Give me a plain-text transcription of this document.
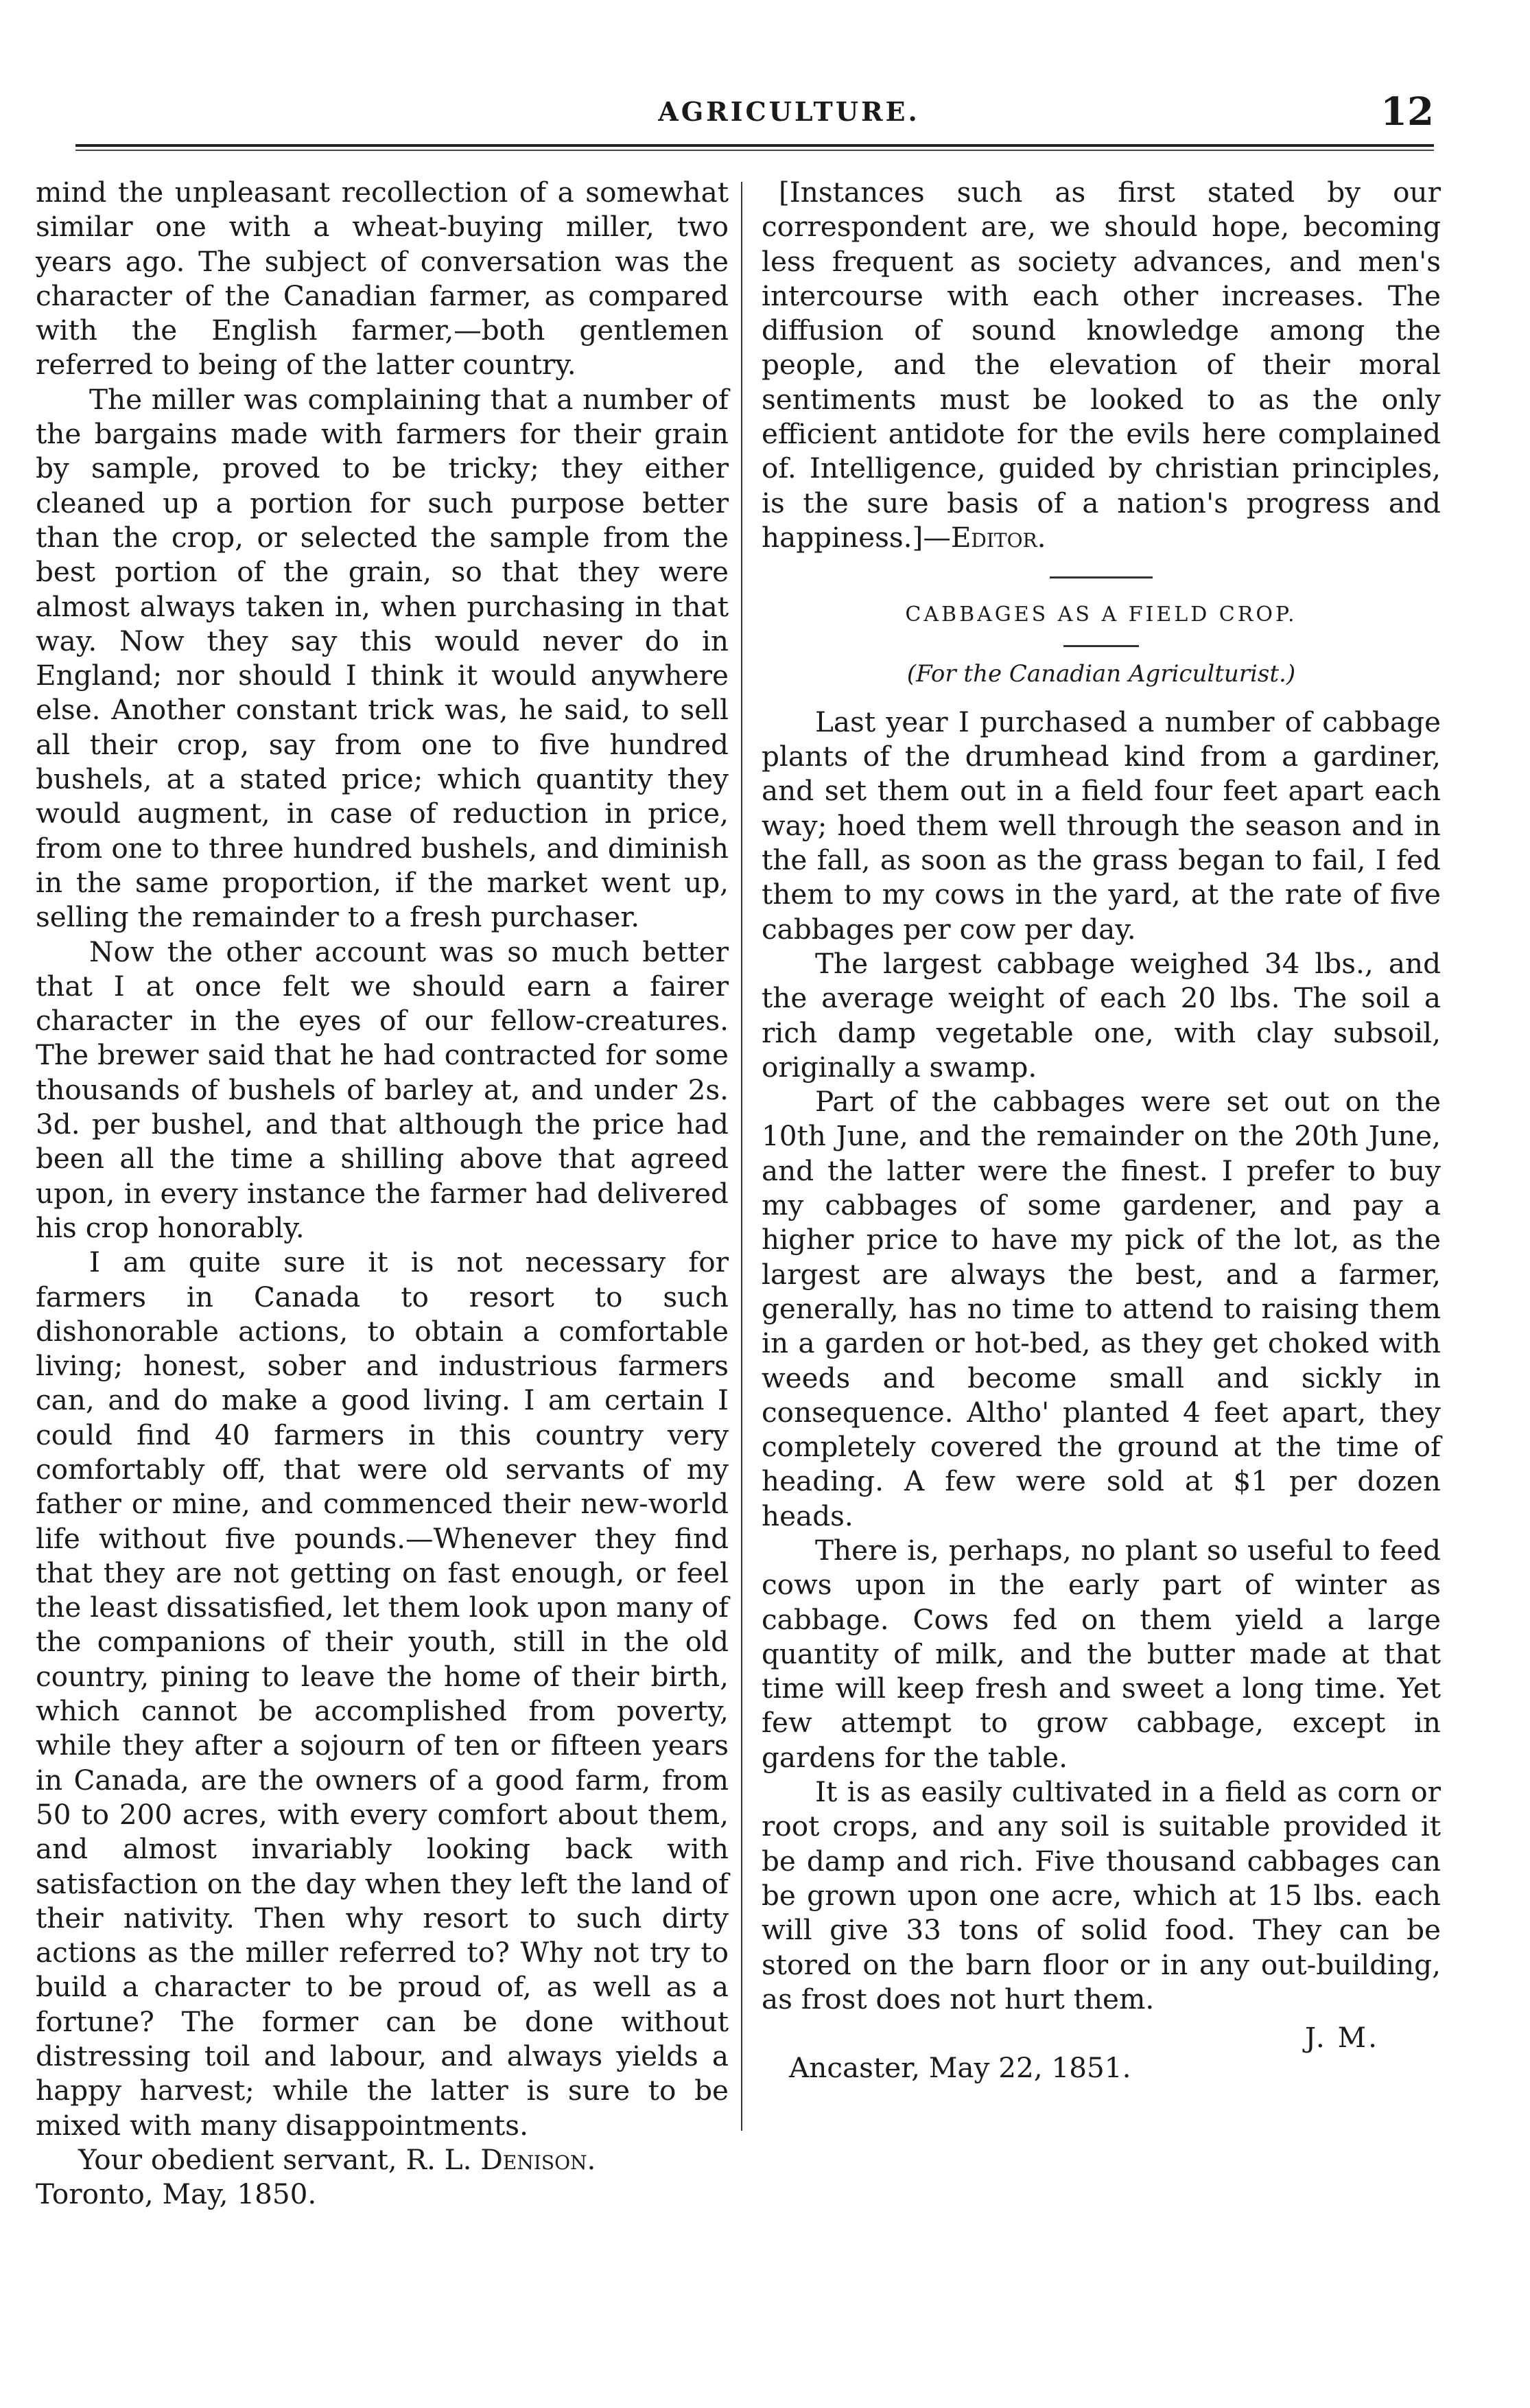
AGRICULTURE.	12

mind the unpleasant recollection of a somewhat similar one with a wheat-buying miller, two years ago. The subject of conversation was the character of the Canadian farmer, as compared with the English farmer,—both gentlemen referred to being of the latter country.

The miller was complaining that a number of the bargains made with farmers for their grain by sample, proved to be tricky; they either cleaned up a portion for such purpose better than the crop, or selected the sample from the best portion of the grain, so that they were almost always taken in, when purchasing in that way. Now they say this would never do in England; nor should I think it would anywhere else. Another constant trick was, he said, to sell all their crop, say from one to five hundred bushels, at a stated price; which quantity they would augment, in case of reduction in price, from one to three hundred bushels, and diminish in the same proportion, if the market went up, selling the remainder to a fresh purchaser.

Now the other account was so much better that I at once felt we should earn a fairer character in the eyes of our fellow-creatures. The brewer said that he had contracted for some thousands of bushels of barley at, and under 2s. 3d. per bushel, and that although the price had been all the time a shilling above that agreed upon, in every instance the farmer had delivered his crop honorably.

I am quite sure it is not necessary for farmers in Canada to resort to such dishonorable actions, to obtain a comfortable living; honest, sober and industrious farmers can, and do make a good living. I am certain I could find 40 farmers in this country very comfortably off, that were old servants of my father or mine, and commenced their new-world life without five pounds.—Whenever they find that they are not getting on fast enough, or feel the least dissatisfied, let them look upon many of the companions of their youth, still in the old country, pining to leave the home of their birth, which cannot be accomplished from poverty, while they after a sojourn of ten or fifteen years in Canada, are the owners of a good farm, from 50 to 200 acres, with every comfort about them, and almost invariably looking back with satisfaction on the day when they left the land of their nativity. Then why resort to such dirty actions as the miller referred to? Why not try to build a character to be proud of, as well as a fortune? The former can be done without distressing toil and labour, and always yields a happy harvest; while the latter is sure to be mixed with many disappointments.

Your obedient servant, R. L. Denison.

Toronto, May, 1850.

[Instances such as first stated by our correspondent are, we should hope, becoming less frequent as society advances, and men's intercourse with each other increases. The diffusion of sound knowledge among the people, and the elevation of their moral sentiments must be looked to as the only efficient antidote for the evils here complained of. Intelligence, guided by christian principles, is the sure basis of a nation's progress and happiness.]—Editor.

CABBAGES AS A FIELD CROP.
(For the Canadian Agriculturist.)

Last year I purchased a number of cabbage plants of the drumhead kind from a gardiner, and set them out in a field four feet apart each way; hoed them well through the season and in the fall, as soon as the grass began to fail, I fed them to my cows in the yard, at the rate of five cabbages per cow per day.

The largest cabbage weighed 34 lbs., and the average weight of each 20 lbs. The soil a rich damp vegetable one, with clay subsoil, originally a swamp.

Part of the cabbages were set out on the 10th June, and the remainder on the 20th June, and the latter were the finest. I prefer to buy my cabbages of some gardener, and pay a higher price to have my pick of the lot, as the largest are always the best, and a farmer, generally, has no time to attend to raising them in a garden or hot-bed, as they get choked with weeds and become small and sickly in consequence. Altho' planted 4 feet apart, they completely covered the ground at the time of heading. A few were sold at $1 per dozen heads.

There is, perhaps, no plant so useful to feed cows upon in the early part of winter as cabbage. Cows fed on them yield a large quantity of milk, and the butter made at that time will keep fresh and sweet a long time. Yet few attempt to grow cabbage, except in gardens for the table.

It is as easily cultivated in a field as corn or root crops, and any soil is suitable provided it be damp and rich. Five thousand cabbages can be grown upon one acre, which at 15 lbs. each will give 33 tons of solid food. They can be stored on the barn floor or in any out-building, as frost does not hurt them.

J. M.

Ancaster, May 22, 1851.
